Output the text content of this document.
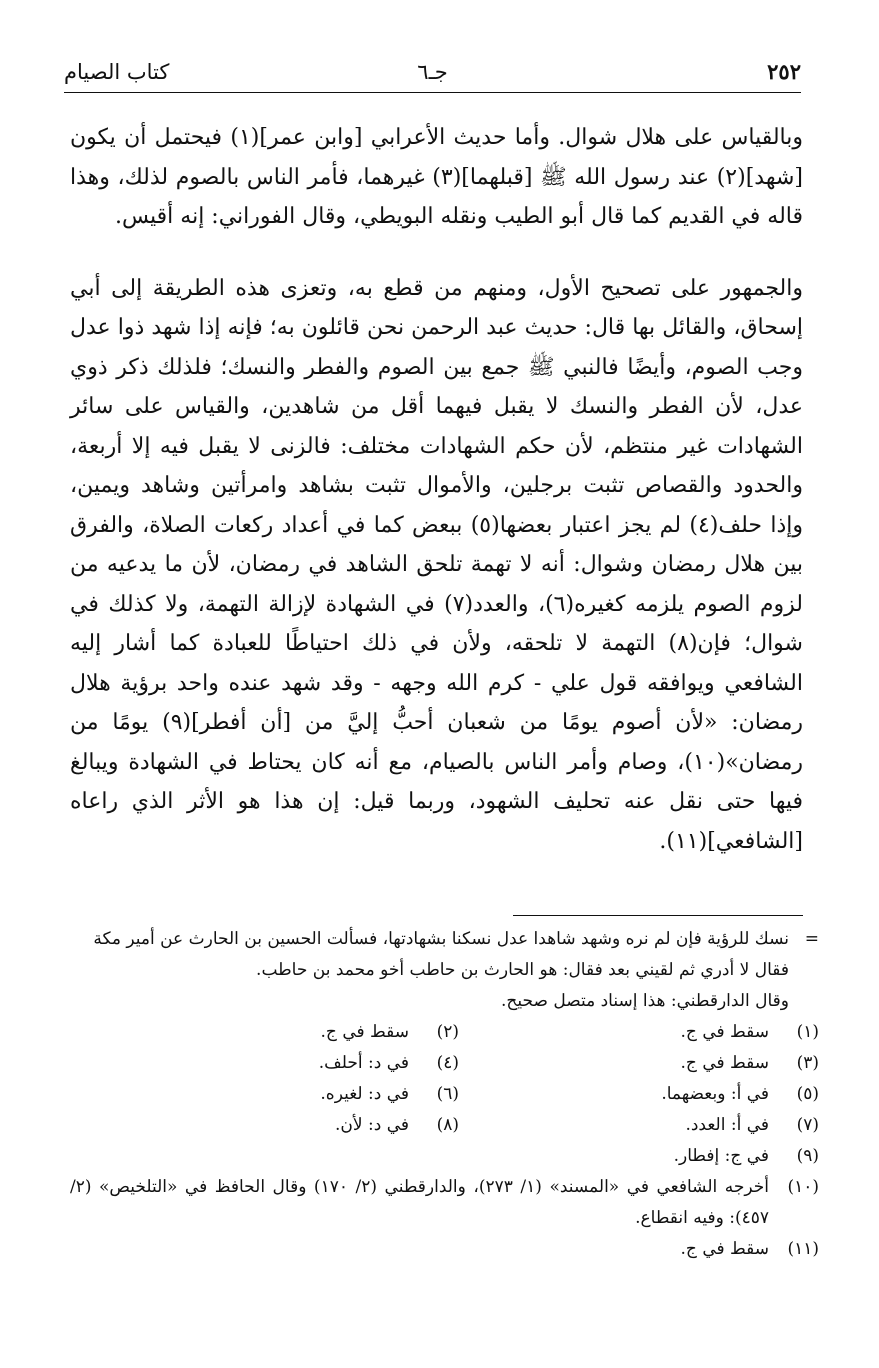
٢٥٢
جـ٦
كتاب الصيام

وبالقياس على هلال شوال. وأما حديث الأعرابي [وابن عمر](١) فيحتمل أن يكون [شهد](٢) عند رسول الله ﷺ [قبلهما](٣) غيرهما، فأمر الناس بالصوم لذلك، وهذا قاله في القديم كما قال أبو الطيب ونقله البويطي، وقال الفوراني: إنه أقيس.

والجمهور على تصحيح الأول، ومنهم من قطع به، وتعزى هذه الطريقة إلى أبي إسحاق، والقائل بها قال: حديث عبد الرحمن نحن قائلون به؛ فإنه إذا شهد ذوا عدل وجب الصوم، وأيضًا فالنبي ﷺ جمع بين الصوم والفطر والنسك؛ فلذلك ذكر ذوي عدل، لأن الفطر والنسك لا يقبل فيهما أقل من شاهدين، والقياس على سائر الشهادات غير منتظم، لأن حكم الشهادات مختلف: فالزنى لا يقبل فيه إلا أربعة، والحدود والقصاص تثبت برجلين، والأموال تثبت بشاهد وامرأتين وشاهد ويمين، وإذا حلف(٤) لم يجز اعتبار بعضها(٥) ببعض كما في أعداد ركعات الصلاة، والفرق بين هلال رمضان وشوال: أنه لا تهمة تلحق الشاهد في رمضان، لأن ما يدعيه من لزوم الصوم يلزمه كغيره(٦)، والعدد(٧) في الشهادة لإزالة التهمة، ولا كذلك في شوال؛ فإن(٨) التهمة لا تلحقه، ولأن في ذلك احتياطًا للعبادة كما أشار إليه الشافعي ويوافقه قول علي - كرم الله وجهه - وقد شهد عنده واحد برؤية هلال رمضان: «لأن أصوم يومًا من شعبان أحبُّ إليَّ من [أن أفطر](٩) يومًا من رمضان»(١٠)، وصام وأمر الناس بالصيام، مع أنه كان يحتاط في الشهادة ويبالغ فيها حتى نقل عنه تحليف الشهود، وربما قيل: إن هذا هو الأثر الذي راعاه [الشافعي](١١).

=

نسك للرؤية فإن لم نره وشهد شاهدا عدل نسكنا بشهادتها، فسألت الحسين بن الحارث عن أمير مكة فقال لا أدري ثم لقيني بعد فقال: هو الحارث بن حاطب أخو محمد بن حاطب.

وقال الدارقطني: هذا إسناد متصل صحيح.

(١)
سقط في ج.
(٢)
سقط في ج.
(٣)
سقط في ج.
(٤)
في د: أحلف.
(٥)
في أ: وبعضهما.
(٦)
في د: لغيره.
(٧)
في أ: العدد.
(٨)
في د: لأن.
(٩)
في ج: إفطار.
(١٠)
أخرجه الشافعي في «المسند» (١/ ٢٧٣)، والدارقطني (٢/ ١٧٠) وقال الحافظ في «التلخيص» (٢/ ٤٥٧): وفيه انقطاع.
(١١)
سقط في ج.
